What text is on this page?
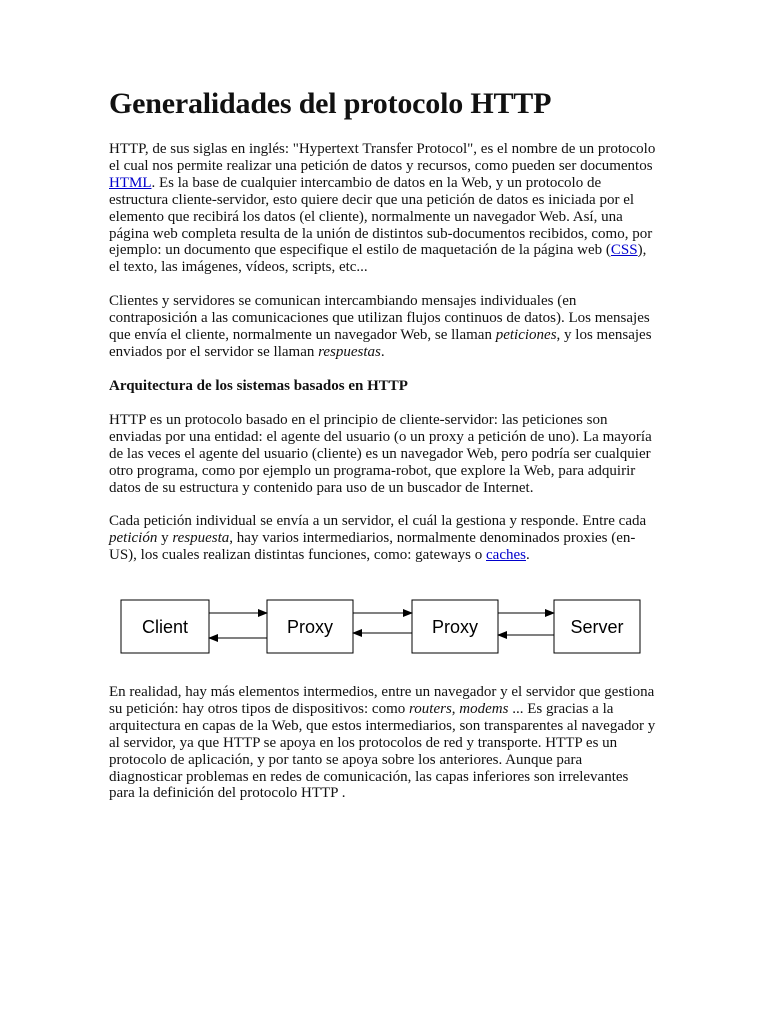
Generalidades del protocolo HTTP

HTTP, de sus siglas en inglés: "Hypertext Transfer Protocol", es el nombre de un protocolo el cual nos permite realizar una petición de datos y recursos, como pueden ser documentos HTML. Es la base de cualquier intercambio de datos en la Web, y un protocolo de estructura cliente-servidor, esto quiere decir que una petición de datos es iniciada por el elemento que recibirá los datos (el cliente), normalmente un navegador Web. Así, una página web completa resulta de la unión de distintos sub-documentos recibidos, como, por ejemplo: un documento que especifique el estilo de maquetación de la página web (CSS), el texto, las imágenes, vídeos, scripts, etc...

Clientes y servidores se comunican intercambiando mensajes individuales (en contraposición a las comunicaciones que utilizan flujos continuos de datos). Los mensajes que envía el cliente, normalmente un navegador Web, se llaman peticiones, y los mensajes enviados por el servidor se llaman respuestas.

Arquitectura de los sistemas basados en HTTP

HTTP es un protocolo basado en el principio de cliente-servidor: las peticiones son enviadas por una entidad: el agente del usuario (o un proxy a petición de uno). La mayoría de las veces el agente del usuario (cliente) es un navegador Web, pero podría ser cualquier otro programa, como por ejemplo un programa-robot, que explore la Web, para adquirir datos de su estructura y contenido para uso de un buscador de Internet.

Cada petición individual se envía a un servidor, el cuál la gestiona y responde. Entre cada petición y respuesta, hay varios intermediarios, normalmente denominados proxies (en-US), los cuales realizan distintas funciones, como: gateways o caches.

Client	Proxy	Proxy	Server

En realidad, hay más elementos intermedios, entre un navegador y el servidor que gestiona su petición: hay otros tipos de dispositivos: como routers, modems ... Es gracias a la arquitectura en capas de la Web, que estos intermediarios, son transparentes al navegador y al servidor, ya que HTTP se apoya en los protocolos de red y transporte. HTTP es un protocolo de aplicación, y por tanto se apoya sobre los anteriores. Aunque para diagnosticar problemas en redes de comunicación, las capas inferiores son irrelevantes para la definición del protocolo HTTP .
